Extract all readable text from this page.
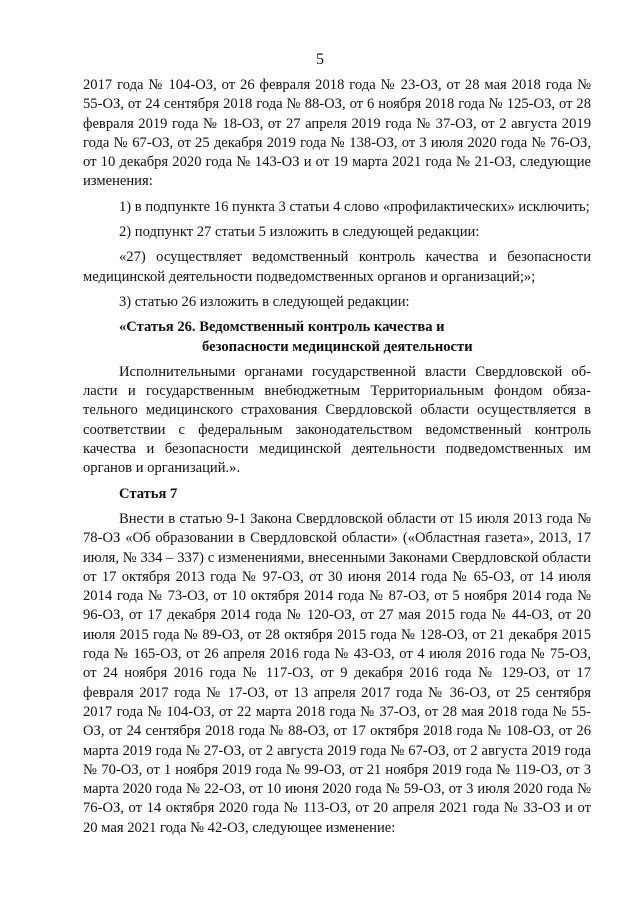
5

2017 года № 104-ОЗ, от 26 февраля 2018 года № 23-ОЗ, от 28 мая 2018 года № 55-ОЗ, от 24 сентября 2018 года № 88-ОЗ, от 6 ноября 2018 года № 125-ОЗ, от 28 февраля 2019 года № 18-ОЗ, от 27 апреля 2019 года № 37-ОЗ, от 2 августа 2019 года № 67-ОЗ, от 25 декабря 2019 года № 138-ОЗ, от 3 июля 2020 года № 76-ОЗ, от 10 декабря 2020 года № 143-ОЗ и от 19 марта 2021 года № 21-ОЗ, следующие изменения:

1) в подпункте 16 пункта 3 статьи 4 слово «профилактических» исключить;

2) подпункт 27 статьи 5 изложить в следующей редакции:

«27) осуществляет ведомственный контроль качества и безопасности медицинской деятельности подведомственных органов и организаций;»;

3) статью 26 изложить в следующей редакции:

«Статья 26. Ведомственный контроль качества и
безопасности медицинской деятельности

Исполнительными органами государственной власти Свердловской области и государственным внебюджетным Территориальным фондом обязательного медицинского страхования Свердловской области осуществляется в соответствии с федеральным законодательством ведомственный контроль качества и безопасности медицинской деятельности подведомственных им органов и организаций.».

Статья 7

Внести в статью 9-1 Закона Свердловской области от 15 июля 2013 года № 78-ОЗ «Об образовании в Свердловской области» («Областная газета», 2013, 17 июля, № 334 – 337) с изменениями, внесенными Законами Свердловской области от 17 октября 2013 года № 97-ОЗ, от 30 июня 2014 года № 65-ОЗ, от 14 июля 2014 года № 73-ОЗ, от 10 октября 2014 года № 87-ОЗ, от 5 ноября 2014 года № 96-ОЗ, от 17 декабря 2014 года № 120-ОЗ, от 27 мая 2015 года № 44-ОЗ, от 20 июля 2015 года № 89-ОЗ, от 28 октября 2015 года № 128-ОЗ, от 21 декабря 2015 года № 165-ОЗ, от 26 апреля 2016 года № 43-ОЗ, от 4 июля 2016 года № 75-ОЗ, от 24 ноября 2016 года № 117-ОЗ, от 9 декабря 2016 года № 129-ОЗ, от 17 февраля 2017 года № 17-ОЗ, от 13 апреля 2017 года № 36-ОЗ, от 25 сентября 2017 года № 104-ОЗ, от 22 марта 2018 года № 37-ОЗ, от 28 мая 2018 года № 55-ОЗ, от 24 сентября 2018 года № 88-ОЗ, от 17 октября 2018 года № 108-ОЗ, от 26 марта 2019 года № 27-ОЗ, от 2 августа 2019 года № 67-ОЗ, от 2 августа 2019 года № 70-ОЗ, от 1 ноября 2019 года № 99-ОЗ, от 21 ноября 2019 года № 119-ОЗ, от 3 марта 2020 года № 22-ОЗ, от 10 июня 2020 года № 59-ОЗ, от 3 июля 2020 года № 76-ОЗ, от 14 октября 2020 года № 113-ОЗ, от 20 апреля 2021 года № 33-ОЗ и от 20 мая 2021 года № 42-ОЗ, следующее изменение:
